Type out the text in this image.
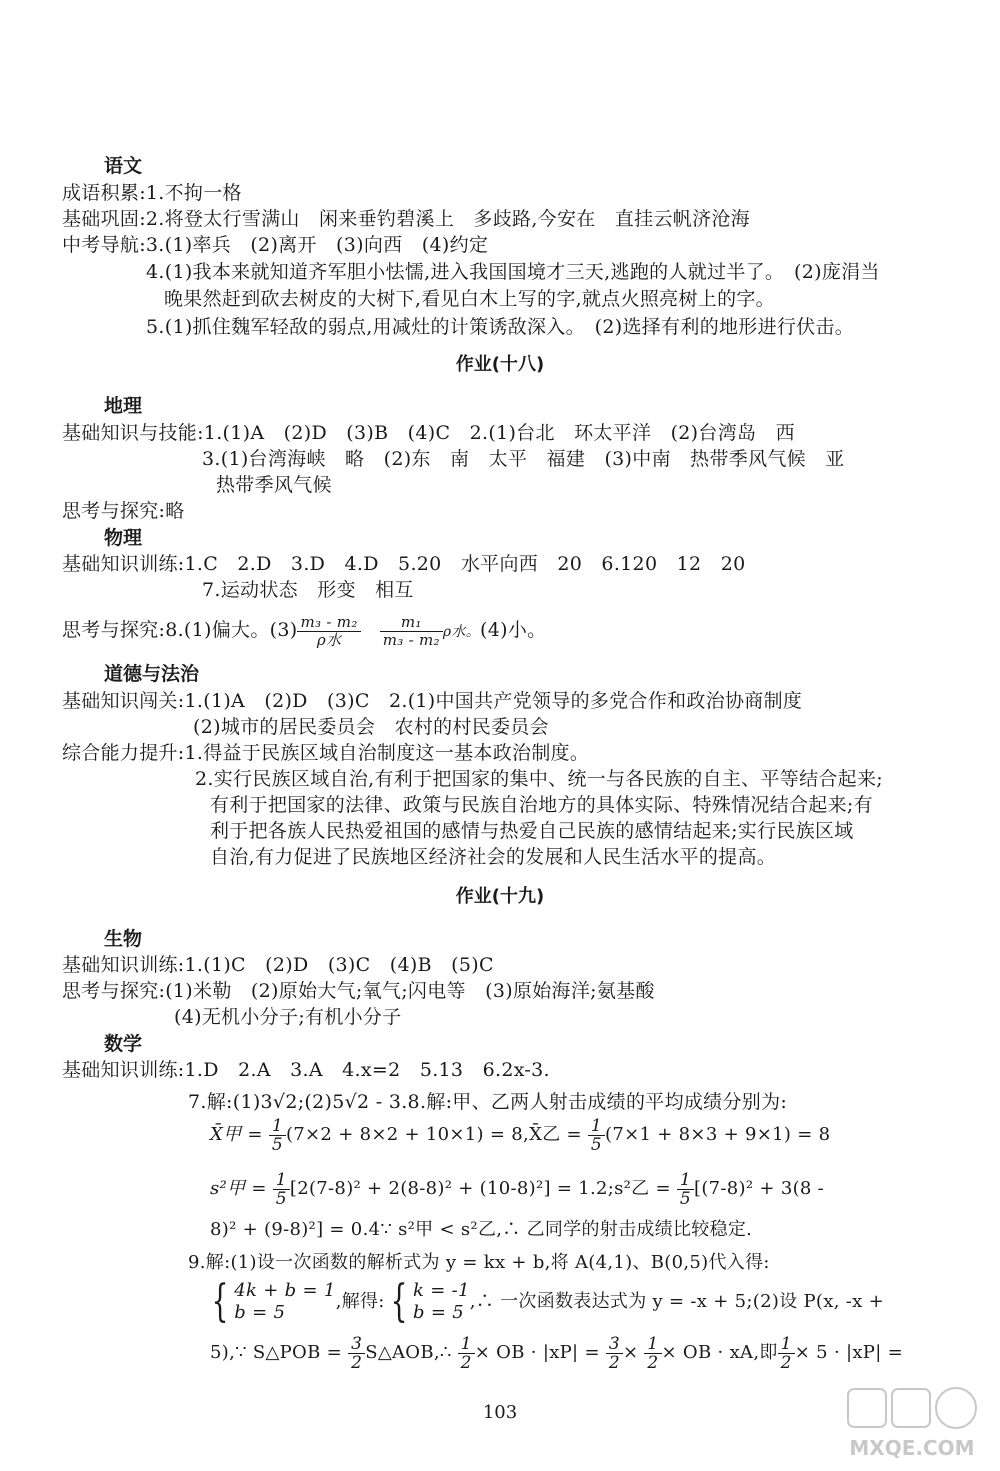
语文
成语积累:1.不拘一格
基础巩固:2.将登太行雪满山　闲来垂钓碧溪上　多歧路,今安在　直挂云帆济沧海
中考导航:3.(1)率兵　(2)离开　(3)向西　(4)约定
4.(1)我本来就知道齐军胆小怯懦,进入我国国境才三天,逃跑的人就过半了。　(2)庞涓当
晚果然赶到砍去树皮的大树下,看见白木上写的字,就点火照亮树上的字。
5.(1)抓住魏军轻敌的弱点,用减灶的计策诱敌深入。　(2)选择有利的地形进行伏击。
作业(十八)
地理
基础知识与技能:1.(1)A　(2)D　(3)B　(4)C　2.(1)台北　环太平洋　(2)台湾岛　西
3.(1)台湾海峡　略　(2)东　南　太平　福建　(3)中南　热带季风气候　亚
热带季风气候
思考与探究:略
物理
基础知识训练:1.C　2.D　3.D　4.D　5.20　水平向西　20　6.120　12　20
7.运动状态　形变　相互
思考与探究:8.(1)偏大。$(3) \frac{\text{m₃ - m₂}}{\text{ρ水}}$
$\frac{\text{m₁}}{\text{m₃ - m₂}}$ ρ水。(4)小。
道德与法治
基础知识闯关:1.(1)A　(2)D　(3)C　2.(1)中国共产党领导的多党合作和政治协商制度
(2)城市的居民委员会　农村的村民委员会
综合能力提升:1.得益于民族区域自治制度这一基本政治制度。
2.实行民族区域自治,有利于把国家的集中、统一与各民族的自主、平等结合起来;
有利于把国家的法律、政策与民族自治地方的具体实际、特殊情况结合起来;有
利于把各族人民热爱祖国的感情与热爱自己民族的感情结起来;实行民族区域
自治,有力促进了民族地区经济社会的发展和人民生活水平的提高。
作业(十九)
生物
基础知识训练:1.(1)C　(2)D　(3)C　(4)B　(5)C
思考与探究:(1)米勒　(2)原始大气;氧气;闪电等　(3)原始海洋;氨基酸
(4)无机小分子;有机小分子
数学
基础知识训练:1.D　2.A　3.A　4.x=2　5.13　6.2x-3.
7.解:(1)3√2;(2)5√2 - 3.8.解:甲、乙两人射击成绩的平均成绩分别为:
X̄甲 = $\frac{1}{5} (7\times 2 + 8\times 2 + 10\times 1)$ = 8,X̄乙 = $\frac{1}{5} (7\times 1 + 8\times 3 + 9\times 1) = 8$
s²甲 = $\frac{1}{5} [2(7-8)^2 + 2(8-8)^2 + (10-8)^2]$ = 1.2;s²乙 = $\frac{1}{5} [(7-8)^2 + 3(8$ -
8)² + (9-8)²] = 0.4∵ s²甲 < s²乙,∴ 乙同学的射击成绩比较稳定.
9.解:(1)设一次函数的解析式为 y = kx + b,将 A(4,1)、B(0,5)代入得:
{ 4k + b = 1
b = 5
,解得: { k = -1
b = 5
,∴ 一次函数表达式为 y = -x + 5;(2)设 P(x, -x +
5),∵ S△POB = $\frac{3}{2}$ S△AOB,∴ $\frac{1}{2}$ × OB · $|xP| = \frac{3}{2} \times \frac{1}{2}$ × OB · xA,即 $\frac{1}{2} \times 5 \cdot |xP|$ =
103
MXQE.COM
